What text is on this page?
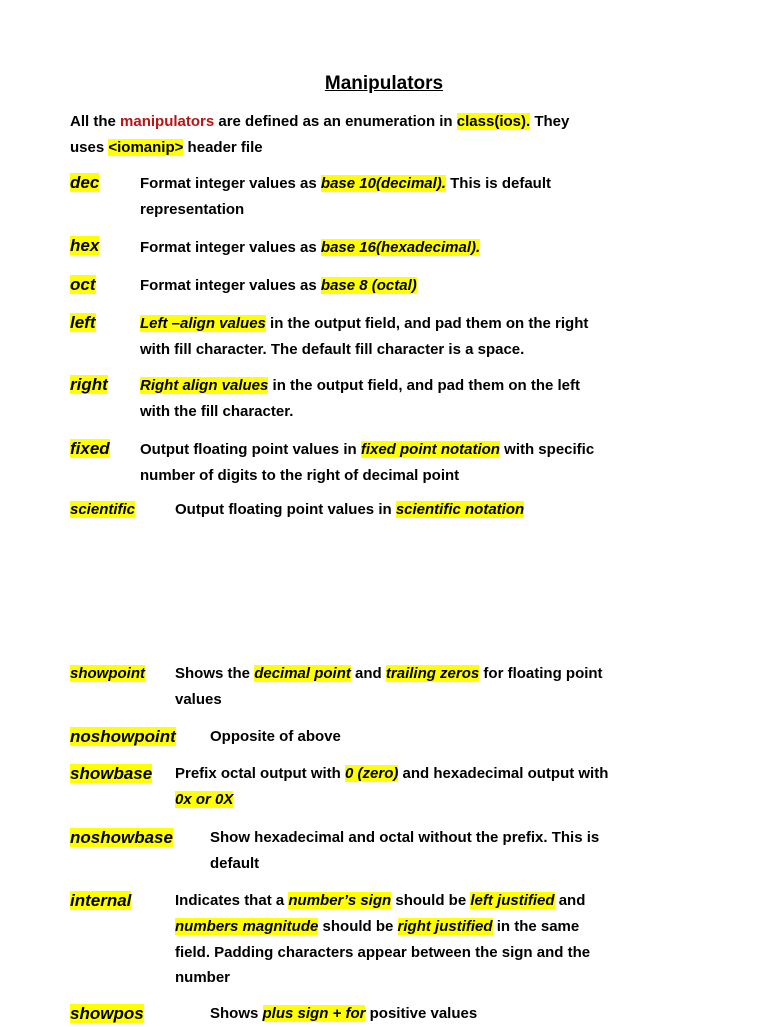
Manipulators
All the manipulators are defined as an enumeration in class(ios). They
uses <iomanip> header file
dec	Format integer values as base 10(decimal). This is default
representation
hex	Format integer values as base 16(hexadecimal).
oct	Format integer values as base 8 (octal)
left	Left –align values in the output field, and pad them on the right
with fill character. The default fill character is a space.
right Right align values in the output field, and pad them on the left
with the fill character.
fixed Output floating point values in fixed point notation with specific
number of digits to the right of decimal point
scientific	Output floating point values in scientific notation
showpoint Shows the decimal point and trailing zeros for floating point
values
noshowpoint Opposite of above
showbase Prefix octal output with 0 (zero) and hexadecimal output with
0x or 0X
noshowbase Show hexadecimal and octal without the prefix. This is
default
internal	Indicates that a number’s sign should be left justified and
numbers magnitude should be right justified in the same
field. Padding characters appear between the sign and the
number
showpos	Shows plus sign + for positive values
